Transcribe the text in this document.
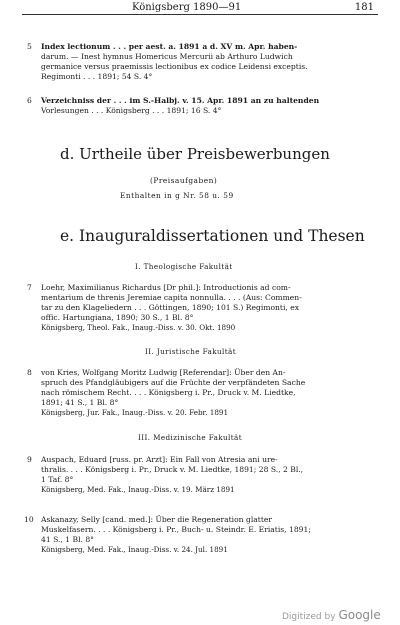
Königsberg 1890—91	181
5	Index lectionum . . . per aest. a. 1891 a d. XV m. Apr. haben-
darum. — Inest hymnus Homericus Mercurii ab Arthuro Ludwich
germanice versus praemissis lectionibus ex codice Leidensi exceptis.
Regimonti . . . 1891; 54 S. 4°
6	Verzeichniss der . . . im S.-Halbj. v. 15. Apr. 1891 an zu haltenden
Vorlesungen . . . Königsberg . . . 1891; 16 S. 4°
d. Urtheile über Preisbewerbungen
(Preisaufgaben)
Enthalten in g Nr. 58 u. 59
e. Inauguraldissertationen und Thesen
I. Theologische Fakultät
7	Loehr, Maximilianus Richardus [Dr phil.]: Introductionis ad com-
mentarium de threnis Jeremiae capita nonnulla. . . . (Aus: Commen-
tar zu den Klageliedern . . . Göttingen, 1890; 101 S.) Regimonti, ex
offic. Hartungiana, 1890; 30 S., 1 Bl. 8°
Königsberg, Theol. Fak., Inaug.-Diss. v. 30. Okt. 1890
II. Juristische Fakultät
8	von Kries, Wolfgang Moritz Ludwig [Referendar]: Über den An-
spruch des Pfandgläubigers auf die Früchte der verpfändeten Sache
nach römischem Recht. . . . Königsberg i. Pr., Druck v. M. Liedtke,
1891; 41 S., 1 Bl. 8°
Königsberg, Jur. Fak., Inaug.-Diss. v. 20. Febr. 1891
III. Medizinische Fakultät
9	Auspach, Eduard [russ. pr. Arzt]: Ein Fall von Atresia ani ure-
thralis. . . . Königsberg i. Pr., Druck v. M. Liedtke, 1891; 28 S., 2 Bl.,
1 Taf. 8°
Königsberg, Med. Fak., Inaug.-Diss. v. 19. März 1891
10 Askanazy, Selly [cand. med.]: Über die Regeneration glatter
Muskelfasern. . . . Königsberg i. Pr., Buch- u. Steindr. E. Eriatis, 1891;
41 S., 1 Bl. 8°
Königsberg, Med. Fak., Inaug.-Diss. v. 24. Jul. 1891
Digitized by Google
